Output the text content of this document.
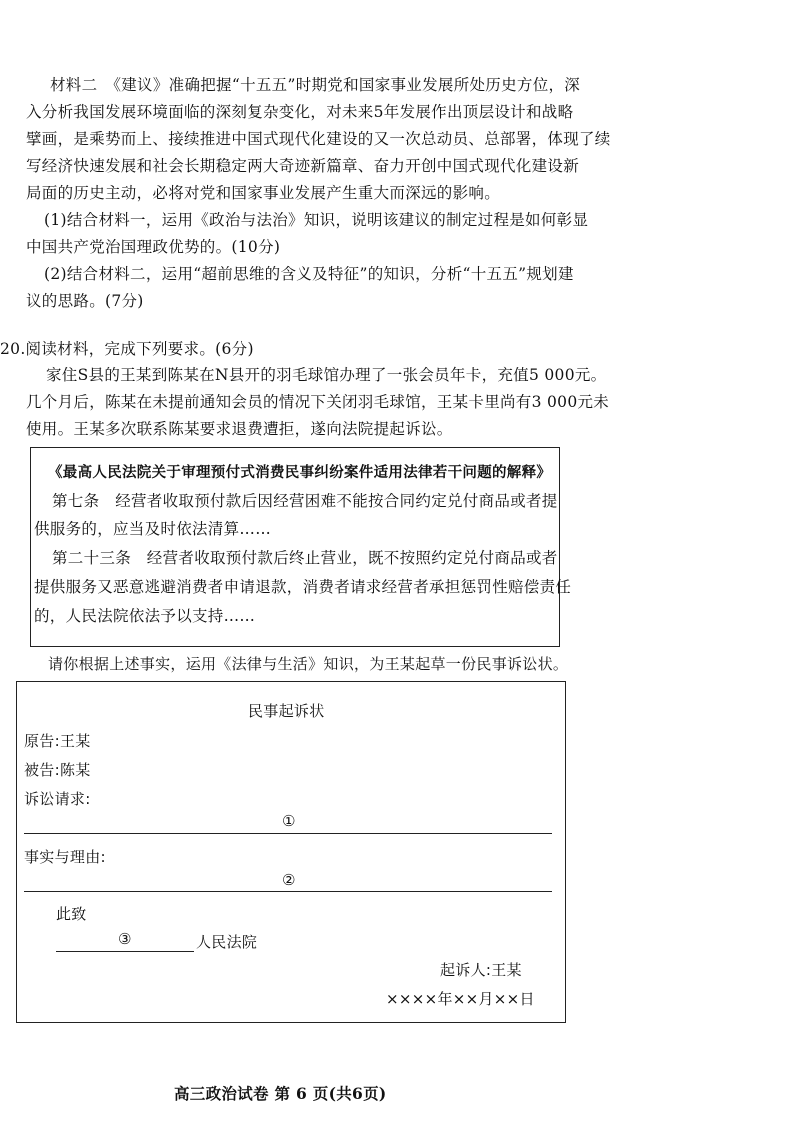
材料二　《建议》准确把握“十五五”时期党和国家事业发展所处历史方位，深
入分析我国发展环境面临的深刻复杂变化，对未来5年发展作出顶层设计和战略
擘画，是乘势而上、接续推进中国式现代化建设的又一次总动员、总部署，体现了续
写经济快速发展和社会长期稳定两大奇迹新篇章、奋力开创中国式现代化建设新
局面的历史主动，必将对党和国家事业发展产生重大而深远的影响。
(1)结合材料一，运用《政治与法治》知识，说明该建议的制定过程是如何彰显
中国共产党治国理政优势的。(10分)
(2)结合材料二，运用“超前思维的含义及特征”的知识，分析“十五五”规划建
议的思路。(7分)
20.阅读材料，完成下列要求。(6分)
家住S县的王某到陈某在N县开的羽毛球馆办理了一张会员年卡，充值5 000元。
几个月后，陈某在未提前通知会员的情况下关闭羽毛球馆，王某卡里尚有3 000元未
使用。王某多次联系陈某要求退费遭拒，遂向法院提起诉讼。
《最高人民法院关于审理预付式消费民事纠纷案件适用法律若干问题的解释》
第七条　经营者收取预付款后因经营困难不能按合同约定兑付商品或者提
供服务的，应当及时依法清算……
第二十三条　经营者收取预付款后终止营业，既不按照约定兑付商品或者
提供服务又恶意逃避消费者申请退款，消费者请求经营者承担惩罚性赔偿责任
的，人民法院依法予以支持……
请你根据上述事实，运用《法律与生活》知识，为王某起草一份民事诉讼状。
民事起诉状
原告:王某
被告:陈某
诉讼请求:
①
事实与理由:
②
此致
③	人民法院
起诉人:王某
××××年××月××日
高三政治试卷 第 6 页(共6页)
